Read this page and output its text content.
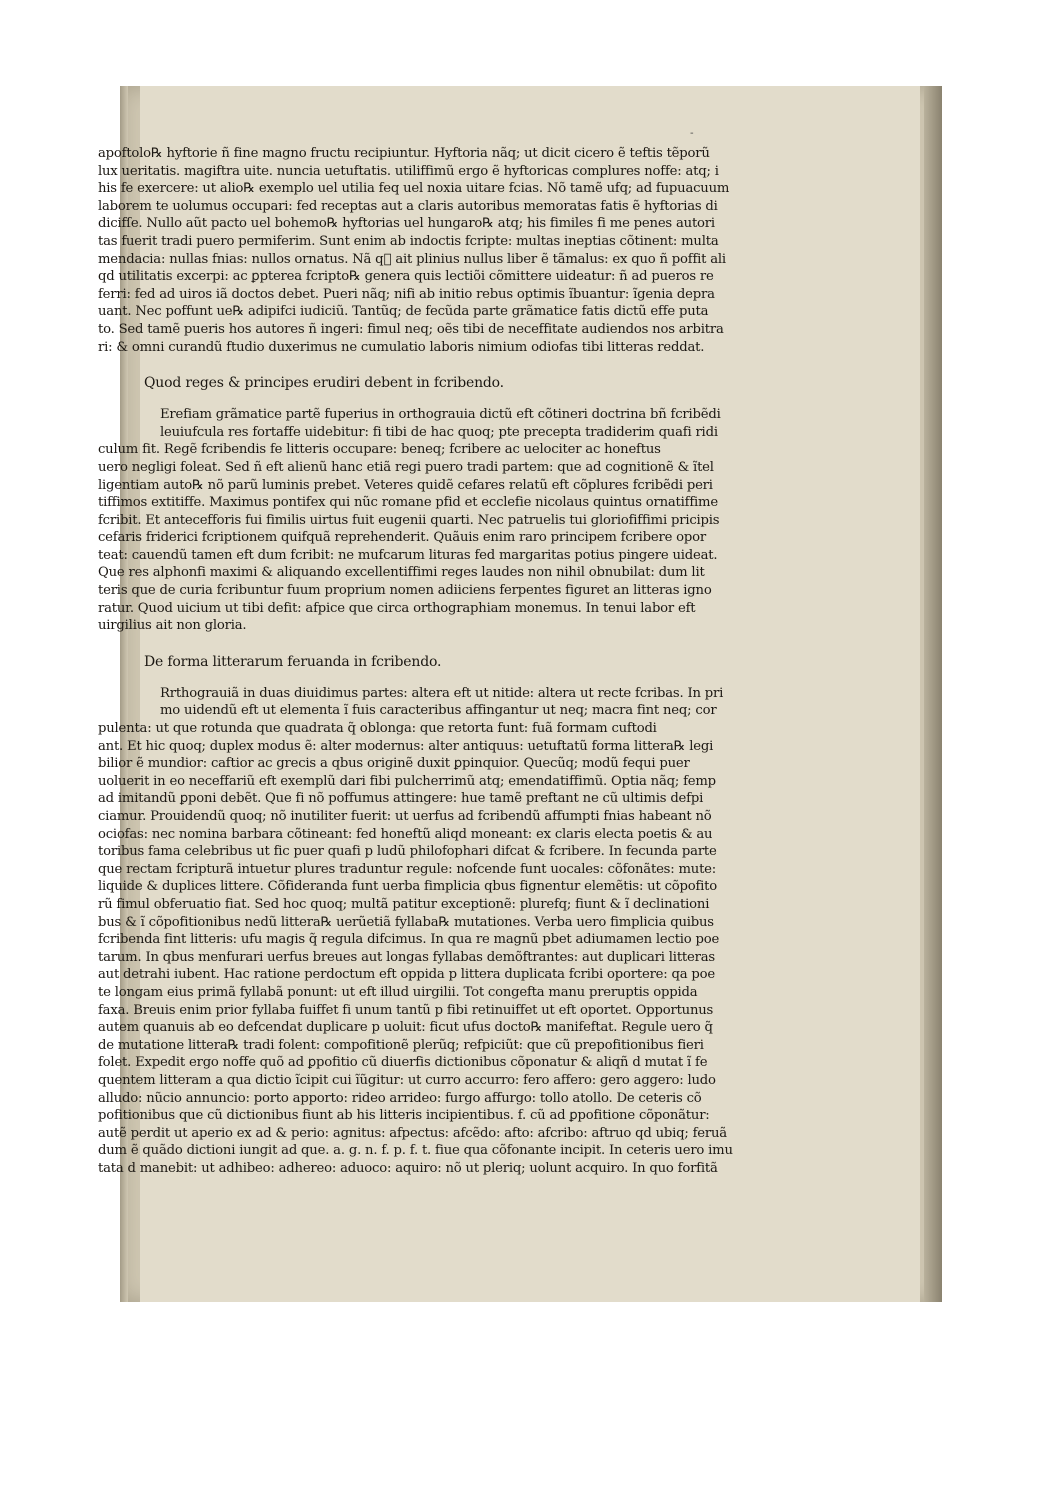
-
apoftolo℞ hyftorie ñ fine magno fructu recipiuntur. Hyftoria nãq; ut dicit cicero ẽ teftis tẽporũ
lux ueritatis. magiftra uite. nuncia uetuftatis. utiliffimũ ergo ẽ hyftoricas complures noffe: atq; i
his fe exercere: ut alio℞ exemplo uel utilia feq uel noxia uitare fcias. Nõ tamẽ ufq; ad fupuacuum
laborem te uolumus occupari: fed receptas aut a claris autoribus memoratas fatis ẽ hyftorias di
dicifſe. Nullo aũt pacto uel bohemo℞ hyftorias uel hungaro℞ atq; his fimiles fi me penes autori
tas fuerit tradi puero permiferim. Sunt enim ab indoctis fcripte: multas ineptias cõtinent: multa
mendacia: nullas fnias: nullos ornatus. Nã q᷑ ait plinius nullus liber ẽ tãmalus: ex quo ñ poffit ali
qd utilitatis excerpi: ac ꝑpterea fcripto℞ genera quis lectiõi cõmittere uideatur: ñ ad pueros re
ferri: fed ad uiros iã doctos debet. Pueri nãq; nifi ab initio rebus optimis ĩbuantur: ĩgenia depra
uant. Nec poffunt ue℞ adipifci iudiciũ. Tantũq; de fecũda parte grãmatice fatis dictũ effe puta
to. Sed tamẽ pueris hos autores ñ ingeri: fimul neq; oẽs tibi de neceffitate audiendos nos arbitra
ri: & omni curandũ ftudio duxerimus ne cumulatio laboris nimium odiofas tibi litteras reddat.
Quod reges & principes erudiri debent in fcribendo.
Erefiam grãmatice partẽ fuperius in orthograuia dictũ eft cõtineri doctrina bñ fcribẽdi
leuiufcula res fortaffe uidebitur: fi tibi de hac quoq; pte precepta tradiderim quafi ridi
culum fit. Regẽ fcribendis fe litteris occupare: beneq; fcribere ac uelociter ac honeftus
uero negligi foleat. Sed ñ eft alienũ hanc etiã regi puero tradi partem: que ad cognitionẽ & ĩtel
ligentiam auto℞ nõ parũ luminis prebet. Veteres quidẽ cefares relatũ eft cõplures fcribẽdi peri
tiffimos extitiffe. Maximus pontifex qui nũc romane pfid et ecclefie nicolaus quintus ornatiffime
fcribit. Et antecefforis fui fimilis uirtus fuit eugenii quarti. Nec patruelis tui gloriofiffimi pricipis
cefaris friderici fcriptionem quifquã reprehenderit. Quãuis enim raro principem fcribere opor
teat: cauendũ tamen eft dum fcribit: ne mufcarum lituras fed margaritas potius pingere uideat.
Que res alphonfi maximi & aliquando excellentiffimi reges laudes non nihil obnubilat: dum lit
teris que de curia fcribuntur fuum proprium nomen adiiciens ferpentes figuret an litteras igno
ratur. Quod uicium ut tibi defit: afpice que circa orthographiam monemus. In tenui labor eft
uirgilius ait non gloria.
De forma litterarum feruanda in fcribendo.
Rrthograuiã in duas diuidimus partes: altera eft ut nitide: altera ut recte fcribas. In pri
mo uidendũ eft ut elementa ĩ fuis caracteribus affingantur ut neq; macra fint neq; cor
pulenta: ut que rotunda que quadrata q̃ oblonga: que retorta funt: fuã formam cuftodi
ant. Et hic quoq; duplex modus ẽ: alter modernus: alter antiquus: uetuftatũ forma littera℞ legi
bilior ẽ mundior: caftior ac grecis a qbus originẽ duxit ꝑpinquior. Quecũq; modũ fequi puer
uoluerit in eo neceffariũ eft exemplũ dari fibi pulcherrimũ atq; emendatiffimũ. Optia nãq; femp
ad imitandũ ꝑponi debẽt. Que fi nõ poffumus attingere: hue tamẽ preftant ne cũ ultimis defpi
ciamur. Prouidendũ quoq; nõ inutiliter fuerit: ut uerfus ad fcribendũ affumpti fnias habeant nõ
ociofas: nec nomina barbara cõtineant: fed honeftũ aliqd moneant: ex claris electa poetis & au
toribus fama celebribus ut fic puer quafi p ludũ philofophari difcat & fcribere. In fecunda parte
que rectam fcripturã intuetur plures traduntur regule: nofcende funt uocales: cõfonãtes: mute:
liquide & duplices littere. Cõfideranda funt uerba fimplicia qbus fignentur elemẽtis: ut cõpofito
rũ fimul obferuatio fiat. Sed hoc quoq; multã patitur exceptionẽ: plurefq; fiunt & ĩ declinationi
bus & ĩ cõpofitionibus nedũ littera℞ uerũetiã fyllaba℞ mutationes. Verba uero fimplicia quibus
fcribenda fint litteris: ufu magis q̃ regula difcimus. In qua re magnũ pbet adiumamen lectio poe
tarum. In qbus menfurari uerfus breues aut longas fyllabas demõftrantes: aut duplicari litteras
aut detrahi iubent. Hac ratione perdoctum eft oppida p littera duplicata fcribi oportere: qa poe
te longam eius primã fyllabã ponunt: ut eft illud uirgilii. Tot congefta manu preruptis oppida
faxa. Breuis enim prior fyllaba fuiffet fi unum tantũ p fibi retinuiffet ut eft oportet. Opportunus
autem quanuis ab eo defcendat duplicare p uoluit: ficut ufus docto℞ manifeftat. Regule uero q̃
de mutatione littera℞ tradi folent: compofitionẽ plerũq; refpiciũt: que cũ prepofitionibus fieri
folet. Expedit ergo noffe quõ ad ꝑpofitio cũ diuerfis dictionibus cõponatur & aliqñ d mutat ĩ fe
quentem litteram a qua dictio ĩcipit cui ĩũgitur: ut curro accurro: fero affero: gero aggero: ludo
alludo: nũcio annuncio: porto apporto: rideo arrideo: furgo affurgo: tollo atollo. De ceteris cõ
pofitionibus que cũ dictionibus fiunt ab his litteris incipientibus. f. cũ ad ꝑpofitione cõponãtur:
autẽ perdit ut aperio ex ad & perio: agnitus: afpectus: afcẽdo: afto: afcribo: aftruo qd ubiq; feruã
dum ẽ quãdo dictioni iungit ad que. a. g. n. f. p. f. t. fiue qua cõfonante incipit. In ceteris uero imu
tata d manebit: ut adhibeo: adhereo: aduoco: aquiro: nõ ut pleriq; uolunt acquiro. In quo forfitã
